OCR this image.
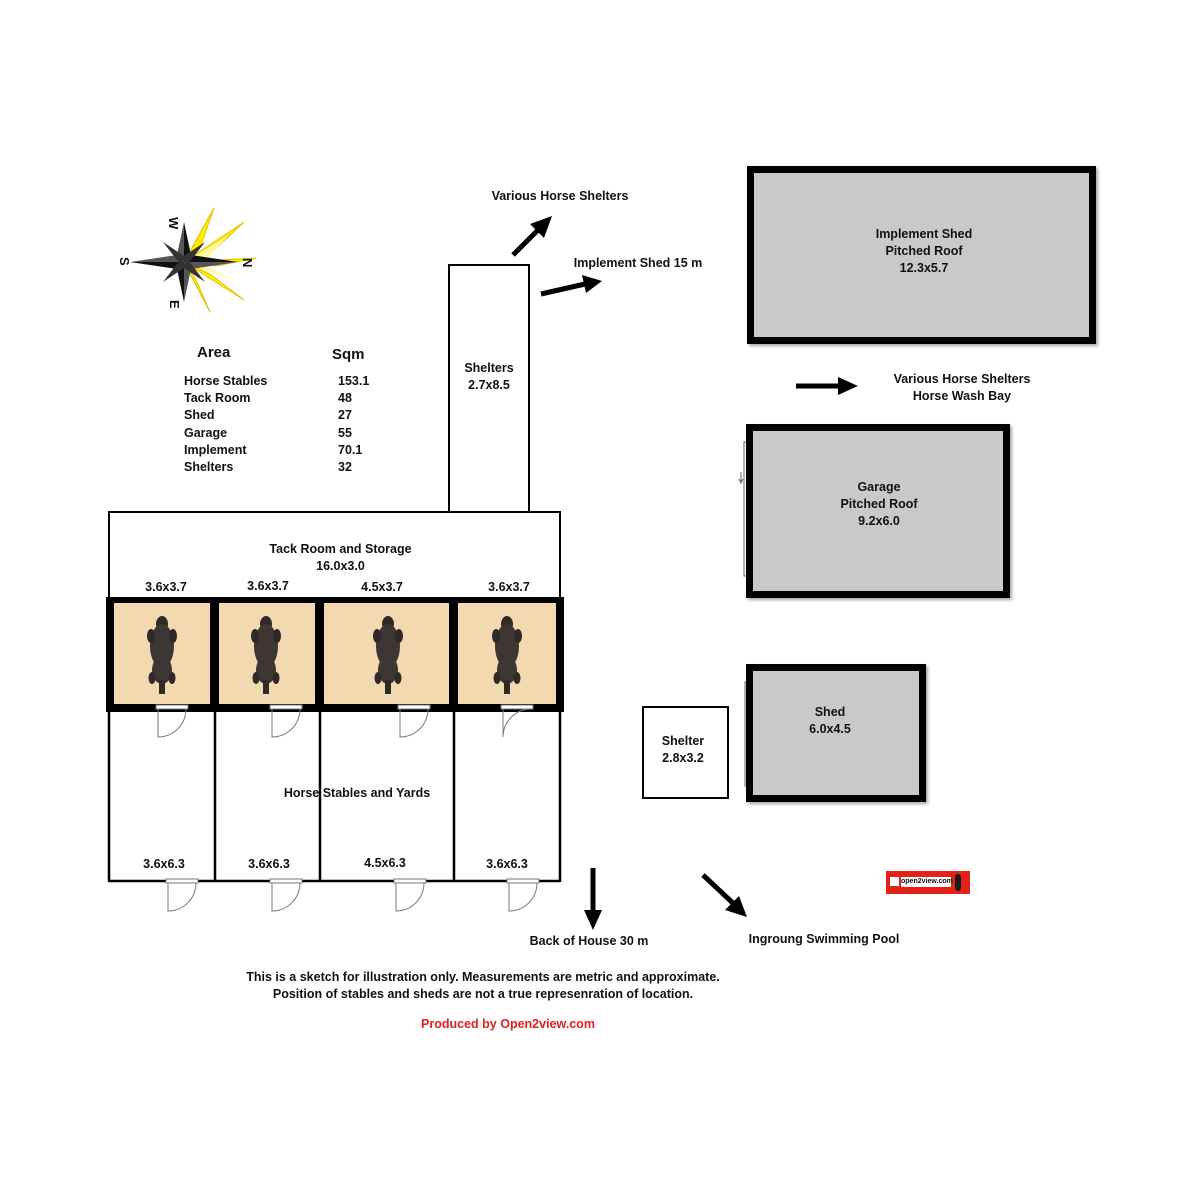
W
E
N
S
Area	Sqm
Horse Stables	153.1
Tack Room	48
Shed	27
Garage	55
Implement	70.1
Shelters	32
Shelters
2.7x8.5
Tack Room and Storage
16.0x3.0
3.6x3.7	3.6x3.7	4.5x3.7	3.6x3.7
3.6x6.3	3.6x6.3	4.5x6.3	3.6x6.3
Horse Stables and Yards
Implement Shed
Pitched Roof
12.3x5.7
Garage
Pitched Roof
9.2x6.0
Shed
6.0x4.5
Shelter
2.8x3.2
Various Horse Shelters
Implement Shed 15 m
Various Horse Shelters
Horse Wash Bay
Back of House 30 m	Ingroung Swimming Pool
open2view.com
This is a sketch for illustration only. Measurements are metric and approximate.
Position of stables and sheds are not a true represenration of location.
Produced by Open2view.com
